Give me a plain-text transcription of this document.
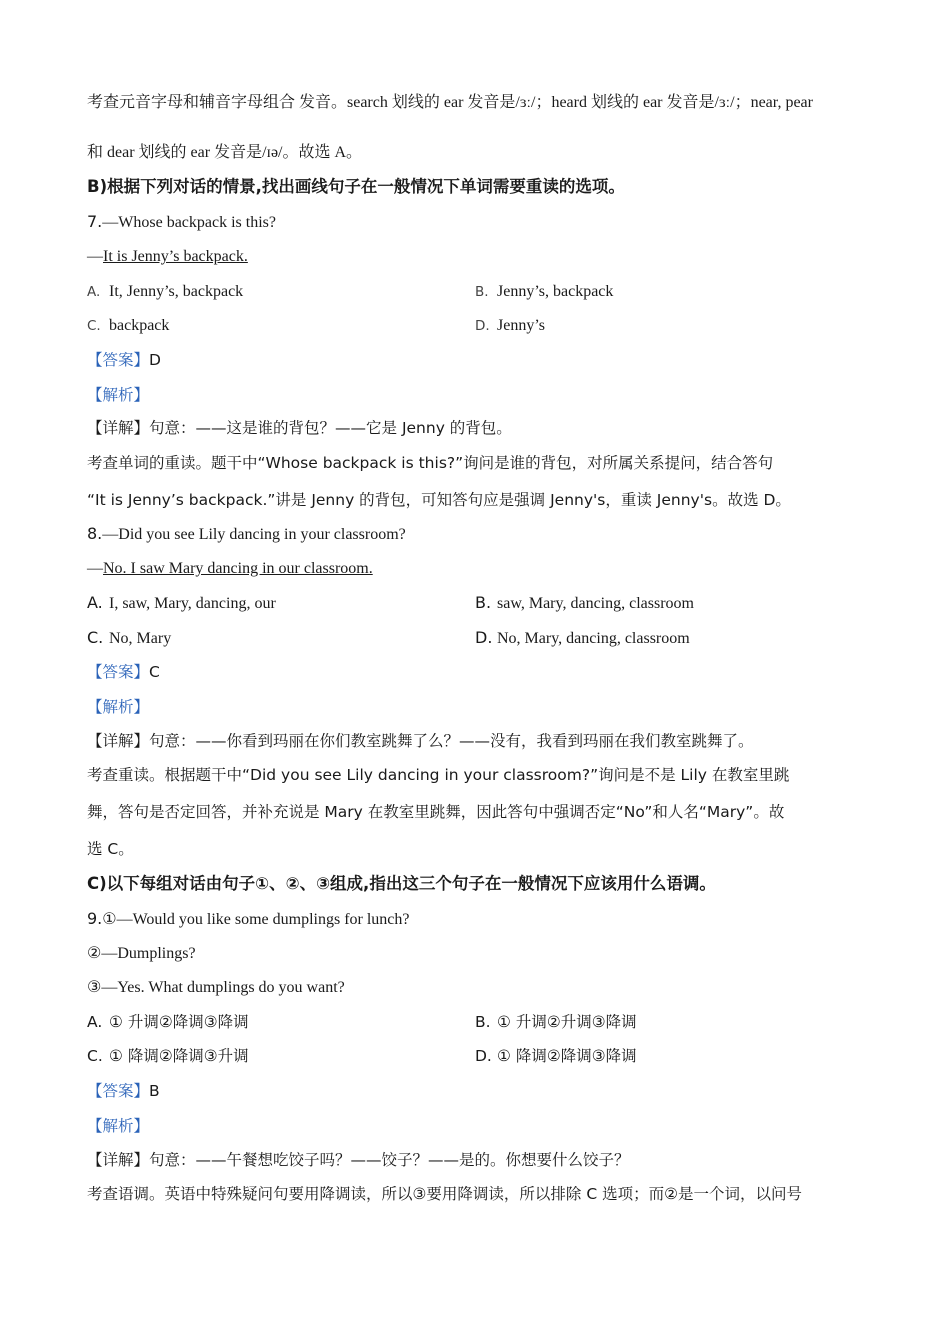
考查元音字母和辅音字母组合 发音。search 划线的 ear 发音是/ɜː/；heard 划线的 ear 发音是/ɜː/；near, pear
和 dear 划线的 ear 发音是/ɪə/。故选 A。
B)根据下列对话的情景,找出画线句子在一般情况下单词需要重读的选项。
7.—Whose backpack is this?
—It is Jenny’s backpack.
A. It, Jenny’s, backpack	B. Jenny’s, backpack
C. backpack	D. Jenny’s
【答案】D
【解析】
【详解】句意：——这是谁的背包？——它是 Jenny 的背包。
考查单词的重读。题干中“Whose backpack is this?”询问是谁的背包，对所属关系提问，结合答句
“It is Jenny’s backpack.”讲是 Jenny 的背包，可知答句应是强调 Jenny's，重读 Jenny's。故选 D。
8.—Did you see Lily dancing in your classroom?
—No. I saw Mary dancing in our classroom.
A. I, saw, Mary, dancing, our	B. saw, Mary, dancing, classroom
C. No, Mary	D. No, Mary, dancing, classroom
【答案】C
【解析】
【详解】句意：——你看到玛丽在你们教室跳舞了么？——没有，我看到玛丽在我们教室跳舞了。
考查重读。根据题干中“Did you see Lily dancing in your classroom?”询问是不是 Lily 在教室里跳
舞，答句是否定回答，并补充说是 Mary 在教室里跳舞，因此答句中强调否定“No”和人名“Mary”。故
选 C。
C)以下每组对话由句子①、②、③组成,指出这三个句子在一般情况下应该用什么语调。
9.①—Would you like some dumplings for lunch?
②—Dumplings?
③—Yes. What dumplings do you want?
A. ① 升调②降调③降调	B. ① 升调②升调③降调
C. ① 降调②降调③升调	D. ① 降调②降调③降调
【答案】B
【解析】
【详解】句意：——午餐想吃饺子吗？——饺子？——是的。你想要什么饺子？
考查语调。英语中特殊疑问句要用降调读，所以③要用降调读，所以排除 C 选项；而②是一个词，以问号
